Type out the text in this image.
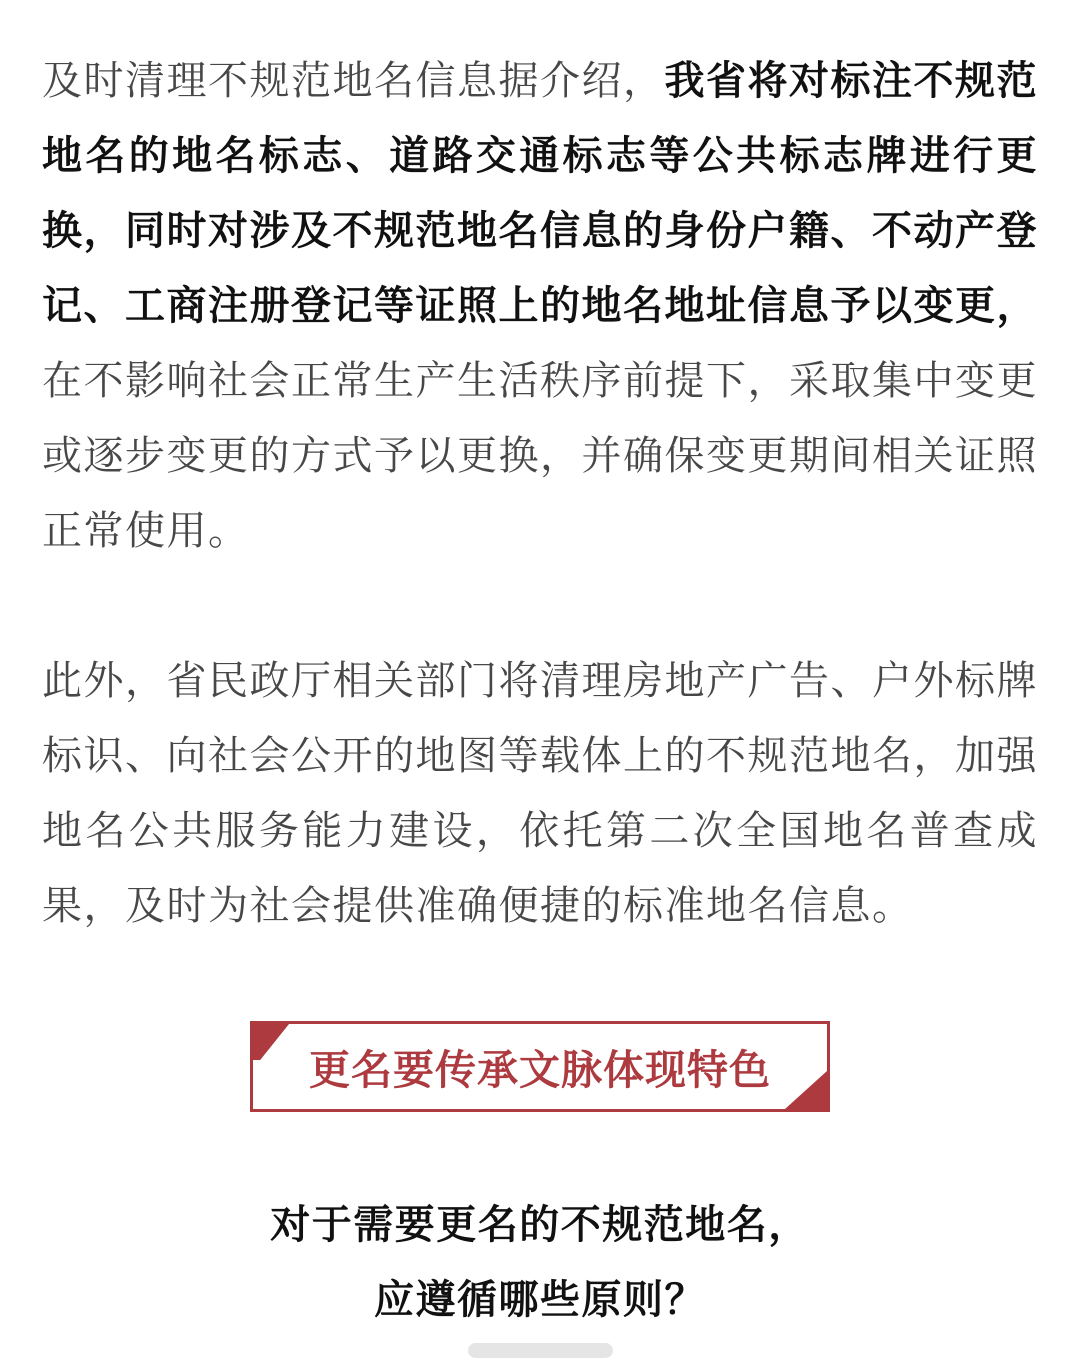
及时清理不规范地名信息据介绍，我省将对标注不规范地名的地名标志、道路交通标志等公共标志牌进行更换，同时对涉及不规范地名信息的身份户籍、不动产登记、工商注册登记等证照上的地名地址信息予以变更，在不影响社会正常生产生活秩序前提下，采取集中变更或逐步变更的方式予以更换，并确保变更期间相关证照正常使用。

此外，省民政厅相关部门将清理房地产广告、户外标牌标识、向社会公开的地图等载体上的不规范地名，加强地名公共服务能力建设，依托第二次全国地名普查成果，及时为社会提供准确便捷的标准地名信息。

更名要传承文脉体现特色
对于需要更名的不规范地名，
应遵循哪些原则？
